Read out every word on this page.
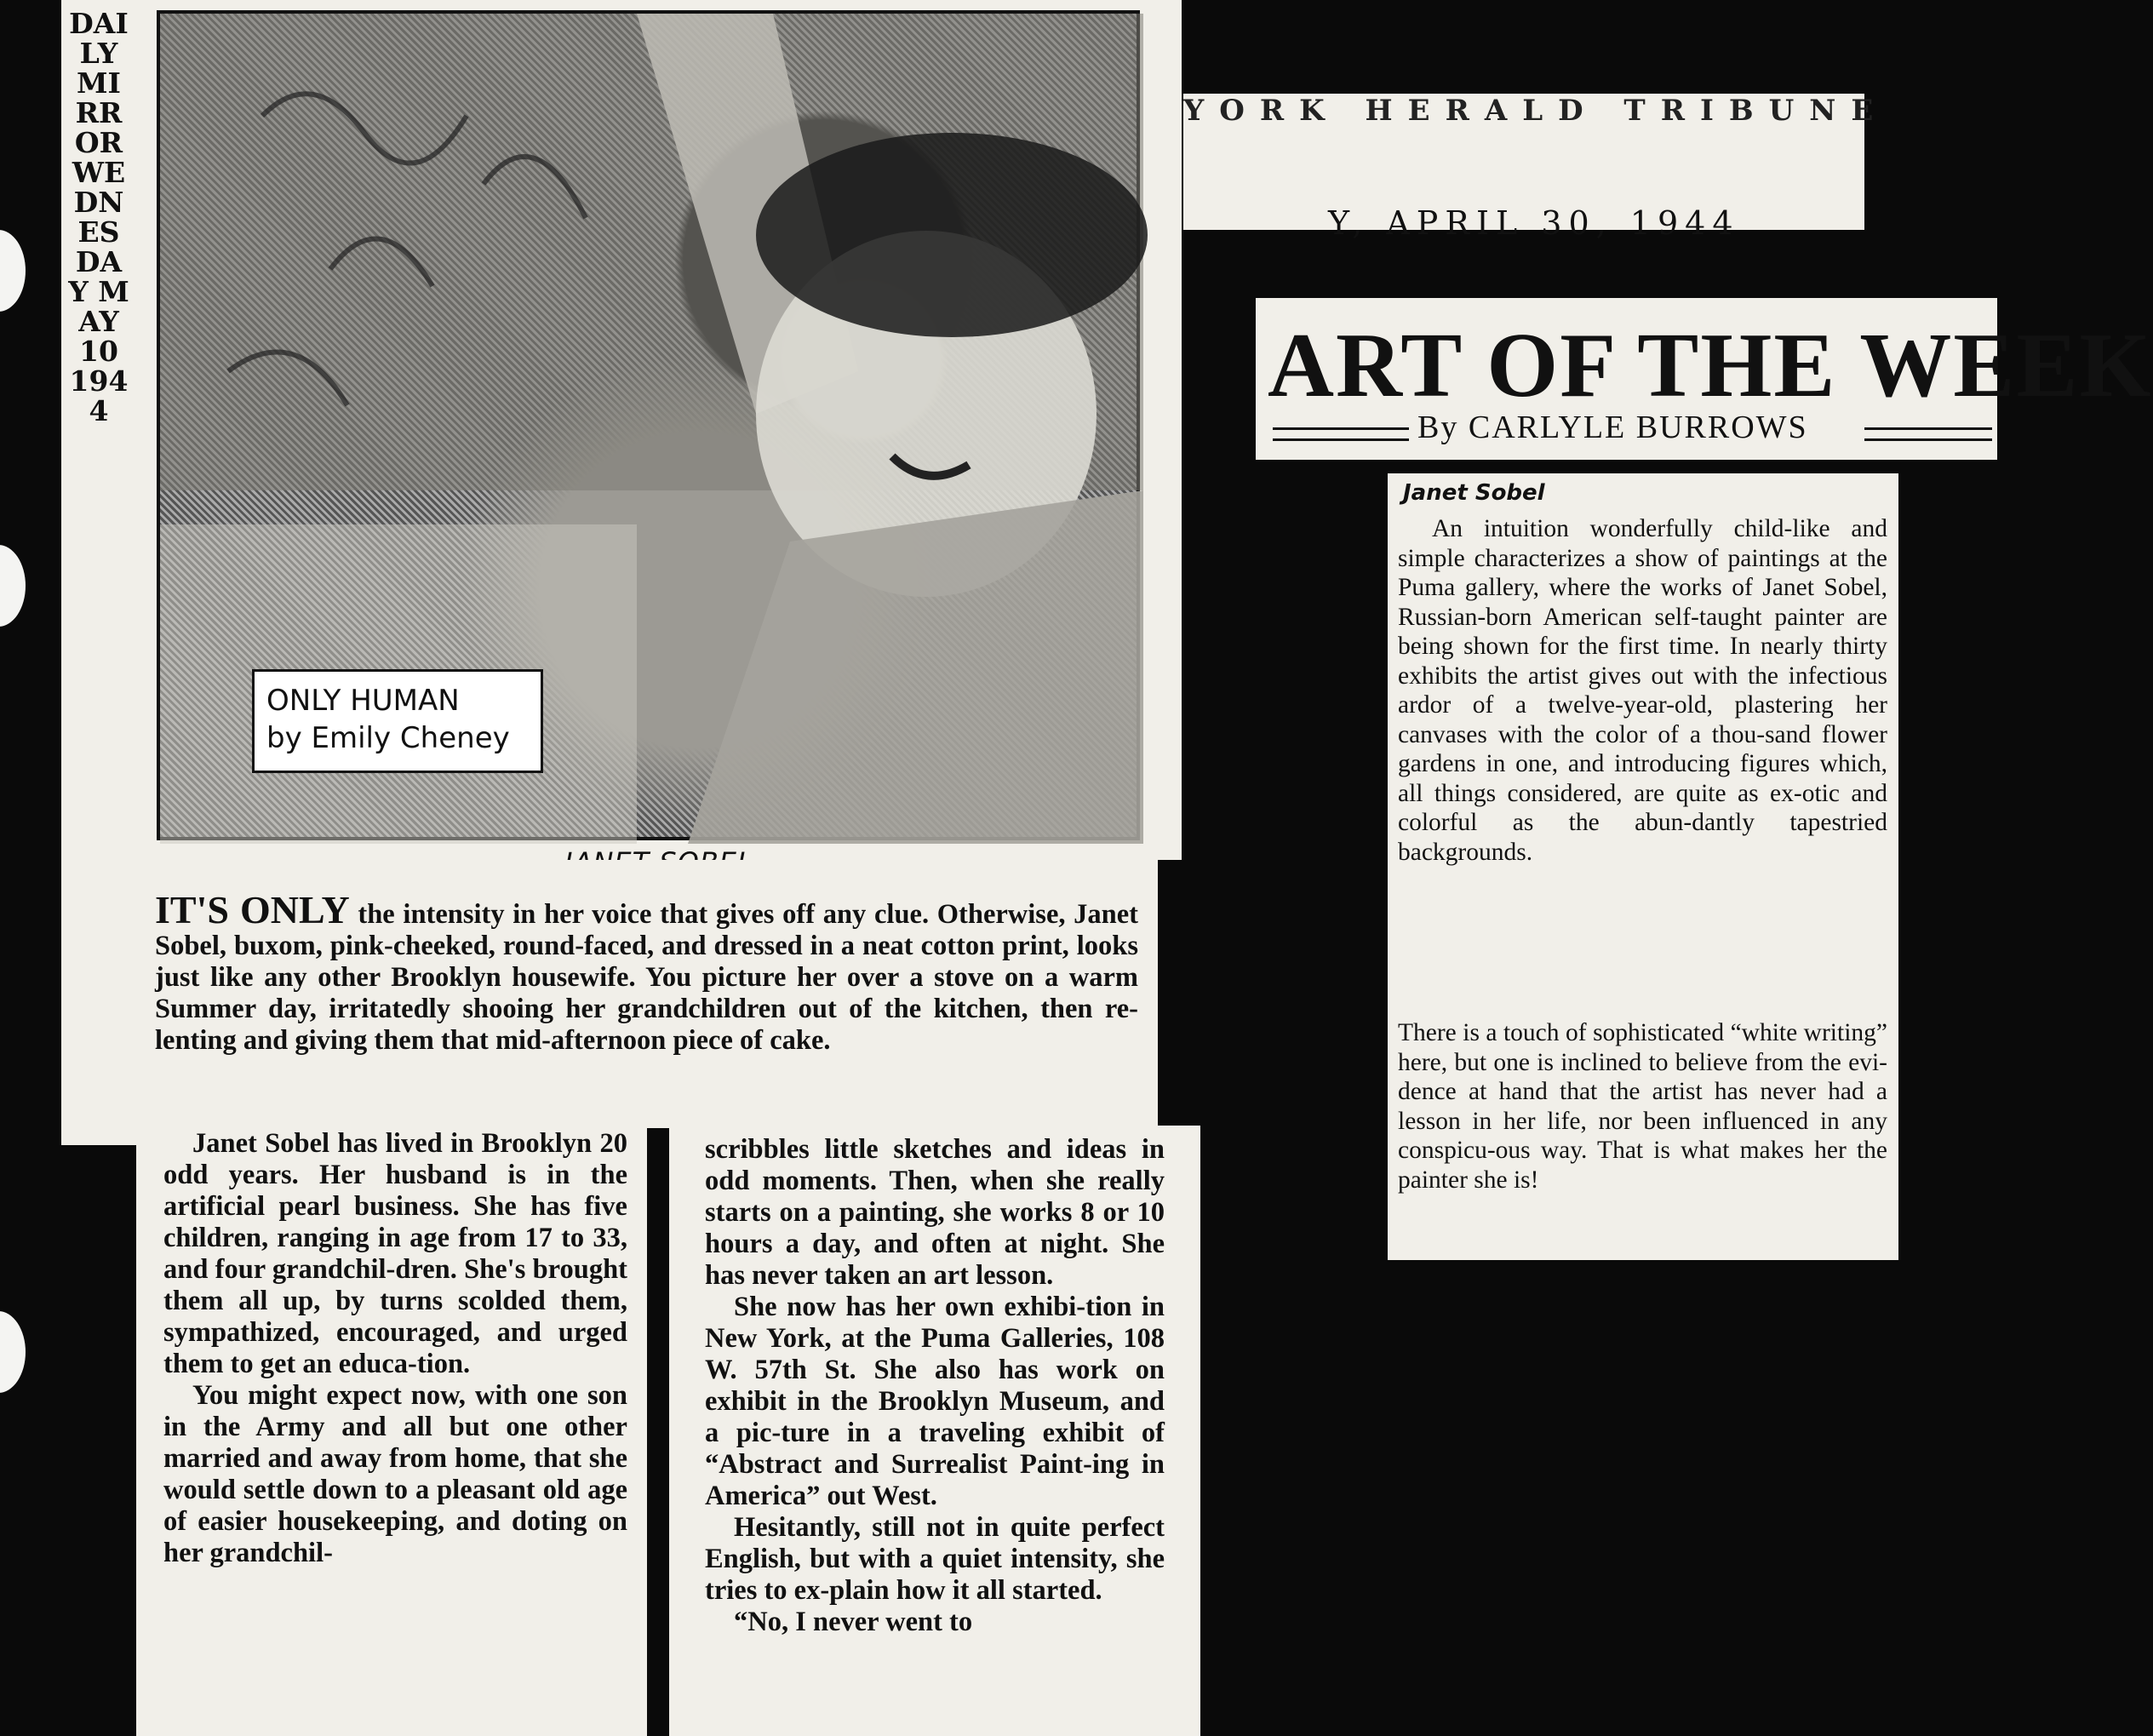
DAILY MIRROR WEDNESDAY MAY 10 1944
ONLY HUMAN
by Emily Cheney

IT'S ONLY the intensity in her voice that gives off any clue. Otherwise, Janet Sobel, buxom, pink-cheeked, round-faced, and dressed in a neat cotton print, looks just like any other Brooklyn housewife. You picture her over a stove on a warm Summer day, irritatedly shooing her grandchildren out of the kitchen, then re-lenting and giving them that mid-afternoon piece of cake.

Janet Sobel has lived in Brooklyn 20 odd years. Her husband is in the artificial pearl business. She has five children, ranging in age from 17 to 33, and four grandchil-dren. She's brought them all up, by turns scolded them, sympathized, encouraged, and urged them to get an educa-tion.

You might expect now, with one son in the Army and all but one other married and away from home, that she would settle down to a pleasant old age of easier housekeeping, and doting on her grandchil-

scribbles little sketches and ideas in odd moments. Then, when she really starts on a painting, she works 8 or 10 hours a day, and often at night. She has never taken an art lesson.

She now has her own exhibi-tion in New York, at the Puma Galleries, 108 W. 57th St. She also has work on exhibit in the Brooklyn Museum, and a pic-ture in a traveling exhibit of “Abstract and Surrealist Paint-ing in America” out West.

Hesitantly, still not in quite perfect English, but with a quiet intensity, she tries to ex-plain how it all started.

“No, I never went to

YORK HERALD TRIBUNE
Y, APRIL 30, 1944
ART OF THE WEEK
By CARLYLE BURROWS
Janet Sobel

An intuition wonderfully child-like and simple characterizes a show of paintings at the Puma gallery, where the works of Janet Sobel, Russian-born American self-taught painter are being shown for the first time. In nearly thirty exhibits the artist gives out with the infectious ardor of a twelve-year-old, plastering her canvases with the color of a thou-sand flower gardens in one, and introducing figures which, all things considered, are quite as ex-otic and colorful as the abun-dantly tapestried backgrounds.

There is a touch of sophisticated “white writing” here, but one is inclined to believe from the evi-dence at hand that the artist has never had a lesson in her life, nor been influenced in any conspicu-ous way. That is what makes her the painter she is!
